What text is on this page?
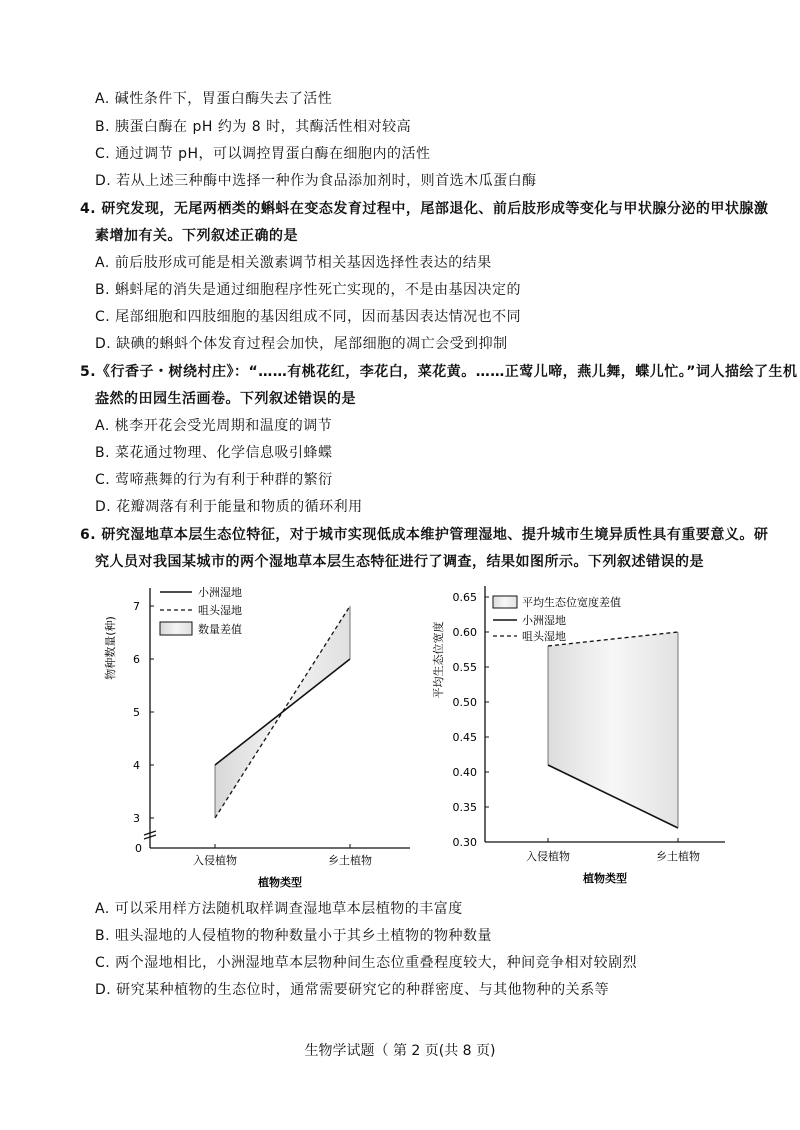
A. 碱性条件下，胃蛋白酶失去了活性
B. 胰蛋白酶在 pH 约为 8 时，其酶活性相对较高
C. 通过调节 pH，可以调控胃蛋白酶在细胞内的活性
D. 若从上述三种酶中选择一种作为食品添加剂时，则首选木瓜蛋白酶
4. 研究发现，无尾两栖类的蝌蚪在变态发育过程中，尾部退化、前后肢形成等变化与甲状腺分泌的甲状腺激
素增加有关。下列叙述正确的是
A. 前后肢形成可能是相关激素调节相关基因选择性表达的结果
B. 蝌蚪尾的消失是通过细胞程序性死亡实现的，不是由基因决定的
C. 尾部细胞和四肢细胞的基因组成不同，因而基因表达情况也不同
D. 缺碘的蝌蚪个体发育过程会加快，尾部细胞的凋亡会受到抑制
5.《行香子・树绕村庄》：“……有桃花红，李花白，菜花黄。……正莺儿啼，燕儿舞，蝶儿忙。”词人描绘了生机
盎然的田园生活画卷。下列叙述错误的是
A. 桃李开花会受光周期和温度的调节
B. 菜花通过物理、化学信息吸引蜂蝶
C. 莺啼燕舞的行为有利于种群的繁衍
D. 花瓣凋落有利于能量和物质的循环利用
6. 研究湿地草本层生态位特征，对于城市实现低成本维护管理湿地、提升城市生境异质性具有重要意义。研
究人员对我国某城市的两个湿地草本层生态特征进行了调查，结果如图所示。下列叙述错误的是
0
3
4
5
6
7
入侵植物	乡土植物
植物类型
物种数量(种)
小洲湿地
咀头湿地
数量差值
0.30
0.35
0.40
0.45
0.50
0.55
0.60
0.65
入侵植物	乡土植物
植物类型
平均生态位宽度
平均生态位宽度差值
小洲湿地
咀头湿地
A. 可以采用样方法随机取样调查湿地草本层植物的丰富度
B. 咀头湿地的人侵植物的物种数量小于其乡土植物的物种数量
C. 两个湿地相比，小洲湿地草本层物种间生态位重叠程度较大，种间竞争相对较剧烈
D. 研究某种植物的生态位时，通常需要研究它的种群密度、与其他物种的关系等
生物学试题（ 第 2 页(共 8 页)
